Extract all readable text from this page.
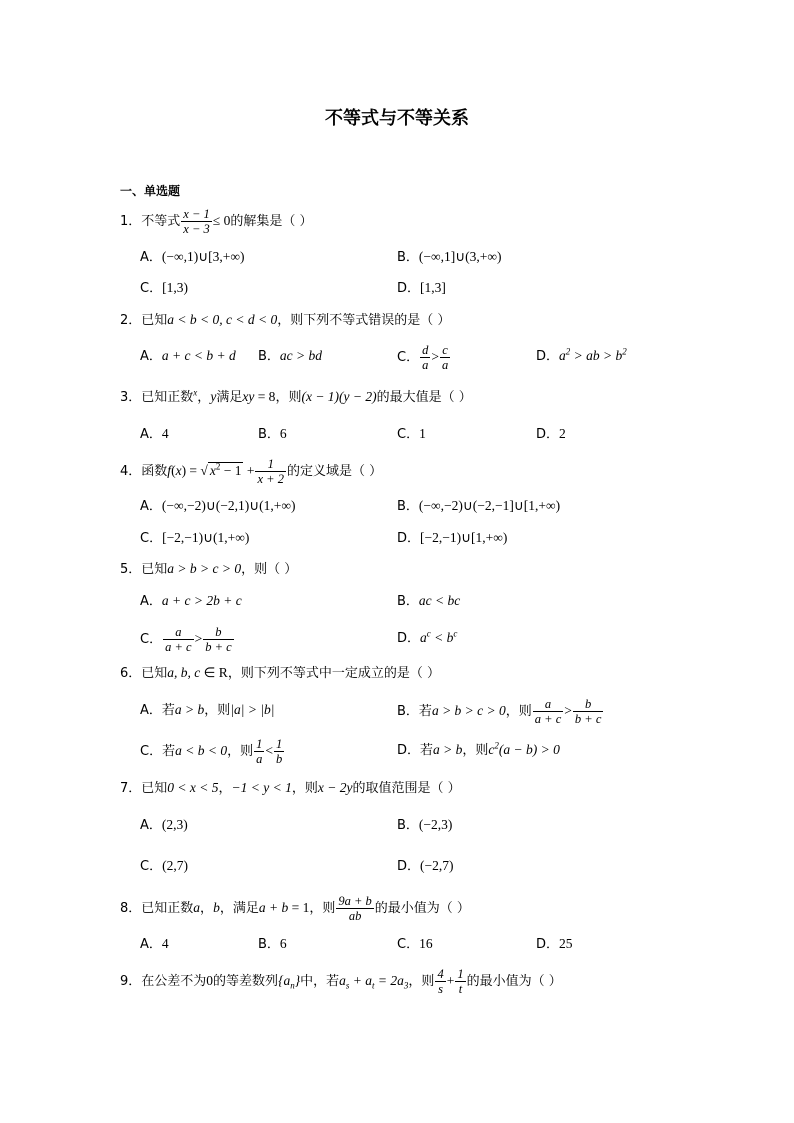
不等式与不等关系
一、单选题
1．不等式 $\frac{x - 1}{x - 3} \le 0$的解集是（ ）
A．(−∞,1)∪[3,+∞)	B．(−∞,1]∪(3,+∞)
C．[1,3)	D．[1,3]
2．已知a < b < 0, c < d < 0，则下列不等式错误的是（ ）
A．a + c < b + d B．ac > bd	C． $\frac{d}{a} > \frac{c}{a}$	D．$a^2$ > ab > $b^2$
3．已知正数$^x$，y满足xy = 8，则(x − 1)(y − 2)的最大值是（ ）
A．4	B．6	C．1	D．2
4．函数f(x) = √ $x^2 - 1 + \frac{1}{x + 2}$ 的定义域是（ ）
A．(−∞,−2)∪(−2,1)∪(1,+∞)	B．(−∞,−2)∪(−2,−1]∪[1,+∞)
C．[−2,−1)∪(1,+∞)	D．[−2,−1)∪[1,+∞)
5．已知a > b > c > 0，则（ ）
A．a + c > 2b + c	B．ac < bc
C． $\frac{a}{a + c} > \frac{b}{b + c}$	D．$a^c < b^c$
6．已知a, b, c ∈ R，则下列不等式中一定成立的是（ ）
A．若a > b，则|a| > |b|	B．若a > b > c > 0，则 $\frac{a}{a + c} > \frac{b}{b + c}$
C．若a < b < 0，则 $\frac{1}{a} < \frac{1}{b}$	D．若a > b，则$c^2(a - b) > 0$
7．已知0 < x < 5，−1 < y < 1，则x − 2y的取值范围是（ ）
A．(2,3)	B．(−2,3)
C．(2,7)	D．(−2,7)
8．已知正数a，b，满足a + b = 1，则 $\frac{9a + b}{ab}$ 的最小值为（ ）
A．4	B．6	C．16	D．25
9．在公差不为0的等差数列$\{a_n\}$中，若$a_s + a_t = 2a_3$，则 $\frac{4}{s} + \frac{1}{t}$ 的最小值为（ ）
